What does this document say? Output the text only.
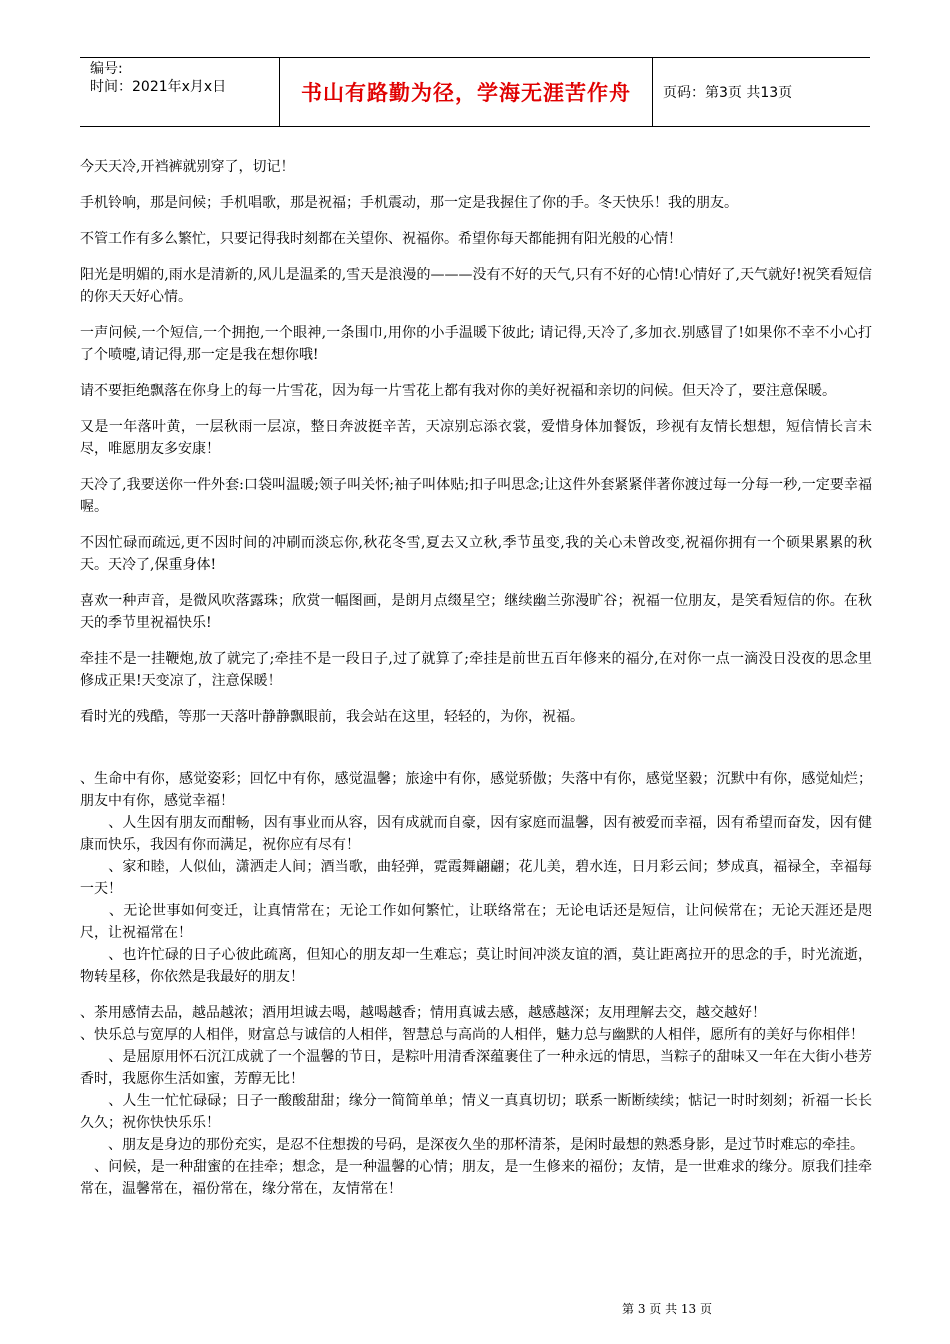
编号:
时间：2021年x月x日	书山有路勤为径，学海无涯苦作舟	页码：第3页 共13页

今天天冷,开裆裤就别穿了，切记！

手机铃响，那是问候；手机唱歌，那是祝福；手机震动，那一定是我握住了你的手。冬天快乐！我的朋友。

不管工作有多么繁忙，只要记得我时刻都在关望你、祝福你。希望你每天都能拥有阳光般的心情！

阳光是明媚的,雨水是清新的,风儿是温柔的,雪天是浪漫的———没有不好的天气,只有不好的心情!心情好了,天气就好!祝笑看短信的你天天好心情。

一声问候,一个短信,一个拥抱,一个眼神,一条围巾,用你的小手温暖下彼此; 请记得,天冷了,多加衣.别感冒了!如果你不幸不小心打了个喷嚏,请记得,那一定是我在想你哦!

请不要拒绝飘落在你身上的每一片雪花，因为每一片雪花上都有我对你的美好祝福和亲切的问候。但天冷了，要注意保暖。

又是一年落叶黄，一层秋雨一层凉，整日奔波挺辛苦，天凉别忘添衣裳，爱惜身体加餐饭，珍视有友情长想想，短信情长言未尽，唯愿朋友多安康！

天冷了,我要送你一件外套:口袋叫温暖;领子叫关怀;袖子叫体贴;扣子叫思念;让这件外套紧紧伴著你渡过每一分每一秒,一定要幸福喔。

不因忙碌而疏远,更不因时间的冲刷而淡忘你,秋花冬雪,夏去又立秋,季节虽变,我的关心未曾改变,祝福你拥有一个硕果累累的秋天。天冷了,保重身体!

喜欢一种声音，是微风吹落露珠；欣赏一幅图画，是朗月点缀星空；继续幽兰弥漫旷谷；祝福一位朋友，是笑看短信的你。在秋天的季节里祝福快乐!

牵挂不是一挂鞭炮,放了就完了;牵挂不是一段日子,过了就算了;牵挂是前世五百年修来的福分,在对你一点一滴没日没夜的思念里修成正果!天变凉了，注意保暖！

看时光的残酷，等那一天落叶静静飘眼前，我会站在这里，轻轻的，为你，祝福。

、生命中有你，感觉姿彩；回忆中有你，感觉温馨；旅途中有你，感觉骄傲；失落中有你，感觉坚毅；沉默中有你，感觉灿烂；朋友中有你，感觉幸福！

　　、人生因有朋友而酣畅，因有事业而从容，因有成就而自豪，因有家庭而温馨，因有被爱而幸福，因有希望而奋发，因有健康而快乐，我因有你而满足，祝你应有尽有！

　　、家和睦，人似仙，潇洒走人间；酒当歌，曲轻弹，霓霞舞翩翩；花儿美，碧水连，日月彩云间；梦成真，福禄全，幸福每一天！

　　、无论世事如何变迁，让真情常在；无论工作如何繁忙，让联络常在；无论电话还是短信，让问候常在；无论天涯还是咫尺，让祝福常在！

　　、也许忙碌的日子心彼此疏离，但知心的朋友却一生难忘；莫让时间冲淡友谊的酒，莫让距离拉开的思念的手，时光流逝，物转星移，你依然是我最好的朋友！

、茶用感情去品，越品越浓；酒用坦诚去喝，越喝越香；情用真诚去感，越感越深；友用理解去交，越交越好！

、快乐总与宽厚的人相伴，财富总与诚信的人相伴，智慧总与高尚的人相伴，魅力总与幽默的人相伴，愿所有的美好与你相伴！

　　、是屈原用怀石沉江成就了一个温馨的节日，是粽叶用清香深蕴裹住了一种永远的情思，当粽子的甜味又一年在大街小巷芳香时，我愿你生活如蜜，芳醇无比！

　　、人生一忙忙碌碌；日子一酸酸甜甜；缘分一简简单单；情义一真真切切；联系一断断续续；惦记一时时刻刻；祈福一长长久久；祝你快快乐乐！

　　、朋友是身边的那份充实，是忍不住想拨的号码，是深夜久坐的那杯清茶，是闲时最想的熟悉身影，是过节时难忘的牵挂。

　、问候，是一种甜蜜的在挂牵；想念，是一种温馨的心情；朋友，是一生修来的福份；友情，是一世难求的缘分。原我们挂牵常在，温馨常在，福份常在，缘分常在，友情常在！

第 3 页 共 13 页
